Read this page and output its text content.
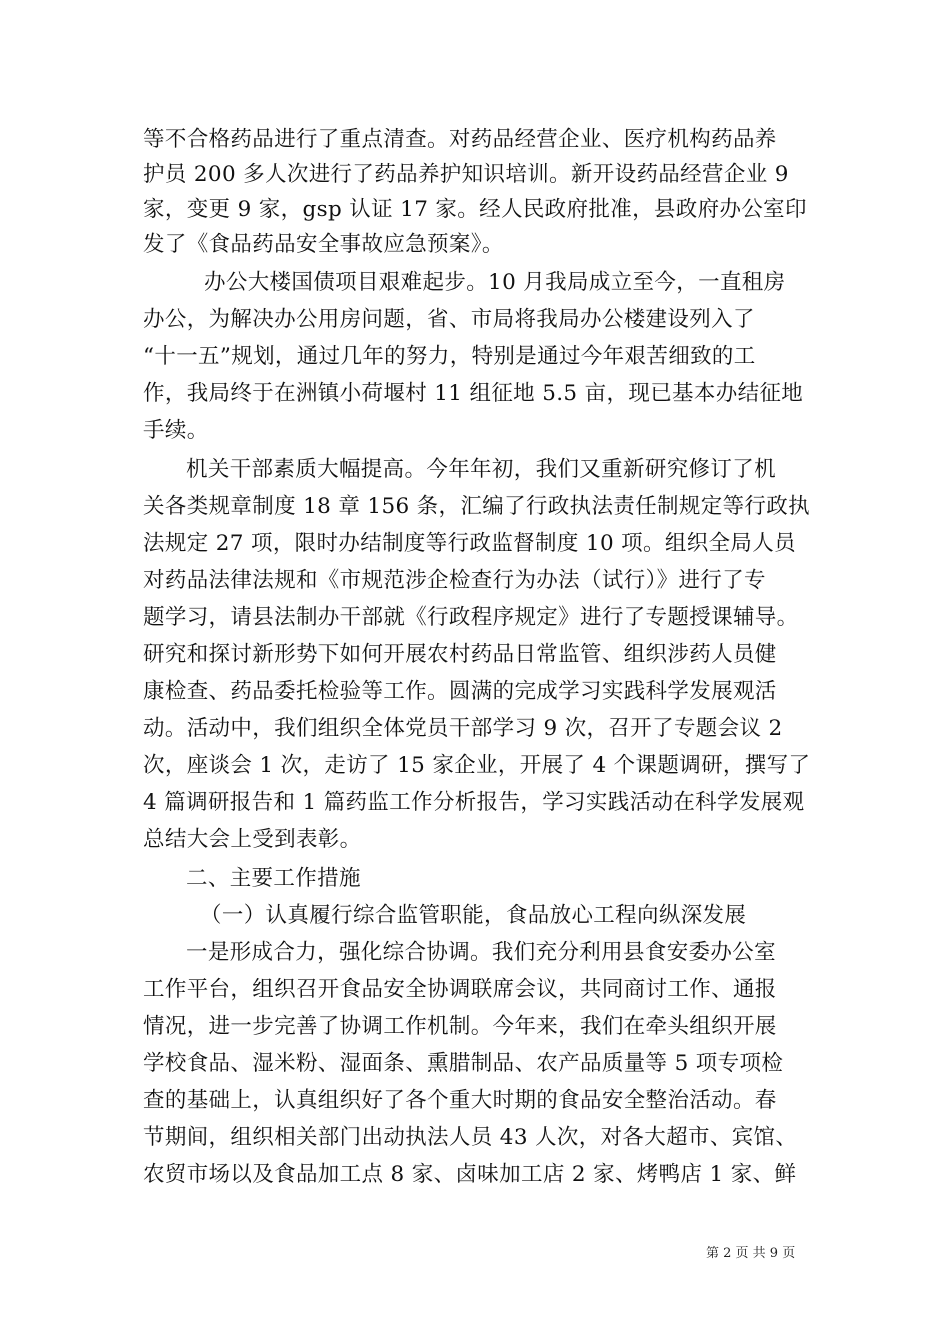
等不合格药品进行了重点清查。对药品经营企业、医疗机构药品养
护员 200 多人次进行了药品养护知识培训。新开设药品经营企业 9
家，变更 9 家，gsp 认证 17 家。经人民政府批准，县政府办公室印
发了《食品药品安全事故应急预案》。
办公大楼国债项目艰难起步。10 月我局成立至今，一直租房
办公，为解决办公用房问题，省、市局将我局办公楼建设列入了
“十一五”规划，通过几年的努力，特别是通过今年艰苦细致的工
作，我局终于在洲镇小荷堰村 11 组征地 5.5 亩，现已基本办结征地
手续。
机关干部素质大幅提高。今年年初，我们又重新研究修订了机
关各类规章制度 18 章 156 条，汇编了行政执法责任制规定等行政执
法规定 27 项，限时办结制度等行政监督制度 10 项。组织全局人员
对药品法律法规和《市规范涉企检查行为办法（试行）》进行了专
题学习，请县法制办干部就《行政程序规定》进行了专题授课辅导。
研究和探讨新形势下如何开展农村药品日常监管、组织涉药人员健
康检查、药品委托检验等工作。圆满的完成学习实践科学发展观活
动。活动中，我们组织全体党员干部学习 9 次，召开了专题会议 2
次，座谈会 1 次，走访了 15 家企业，开展了 4 个课题调研，撰写了
4 篇调研报告和 1 篇药监工作分析报告，学习实践活动在科学发展观
总结大会上受到表彰。
二、主要工作措施
（一）认真履行综合监管职能，食品放心工程向纵深发展
一是形成合力，强化综合协调。我们充分利用县食安委办公室
工作平台，组织召开食品安全协调联席会议，共同商讨工作、通报
情况，进一步完善了协调工作机制。今年来，我们在牵头组织开展
学校食品、湿米粉、湿面条、熏腊制品、农产品质量等 5 项专项检
查的基础上，认真组织好了各个重大时期的食品安全整治活动。春
节期间，组织相关部门出动执法人员 43 人次，对各大超市、宾馆、
农贸市场以及食品加工点 8 家、卤味加工店 2 家、烤鸭店 1 家、鲜
第 2 页 共 9 页
